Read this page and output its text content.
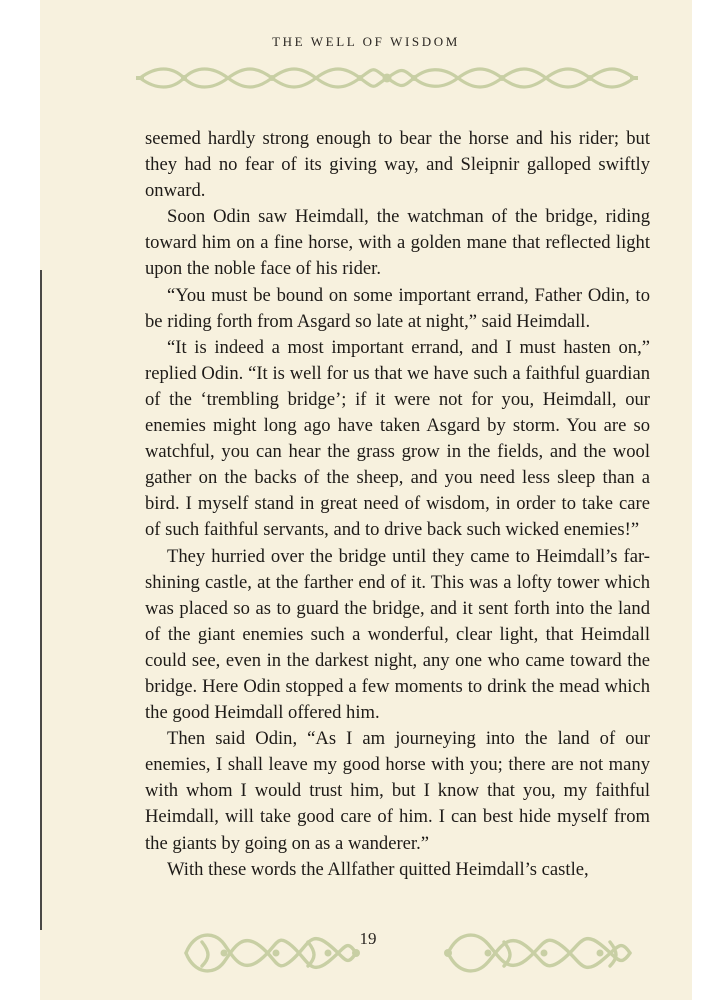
THE WELL OF WISDOM

seemed hardly strong enough to bear the horse and his rider; but they had no fear of its giving way, and Sleipnir galloped swiftly onward.

Soon Odin saw Heimdall, the watchman of the bridge, riding toward him on a fine horse, with a golden mane that reflected light upon the noble face of his rider.

“You must be bound on some important errand, Father Odin, to be riding forth from Asgard so late at night,” said Heimdall.

“It is indeed a most important errand, and I must hasten on,” replied Odin. “It is well for us that we have such a faithful guardian of the ‘trembling bridge’; if it were not for you, Heimdall, our enemies might long ago have taken Asgard by storm. You are so watchful, you can hear the grass grow in the fields, and the wool gather on the backs of the sheep, and you need less sleep than a bird. I myself stand in great need of wisdom, in order to take care of such faithful servants, and to drive back such wicked enemies!”

They hurried over the bridge until they came to Heimdall’s far-shining castle, at the farther end of it. This was a lofty tower which was placed so as to guard the bridge, and it sent forth into the land of the giant enemies such a wonderful, clear light, that Heimdall could see, even in the darkest night, any one who came toward the bridge. Here Odin stopped a few moments to drink the mead which the good Heimdall offered him.

Then said Odin, “As I am journeying into the land of our enemies, I shall leave my good horse with you; there are not many with whom I would trust him, but I know that you, my faithful Heimdall, will take good care of him. I can best hide myself from the giants by going on as a wanderer.”

With these words the Allfather quitted Heimdall’s castle,

19
